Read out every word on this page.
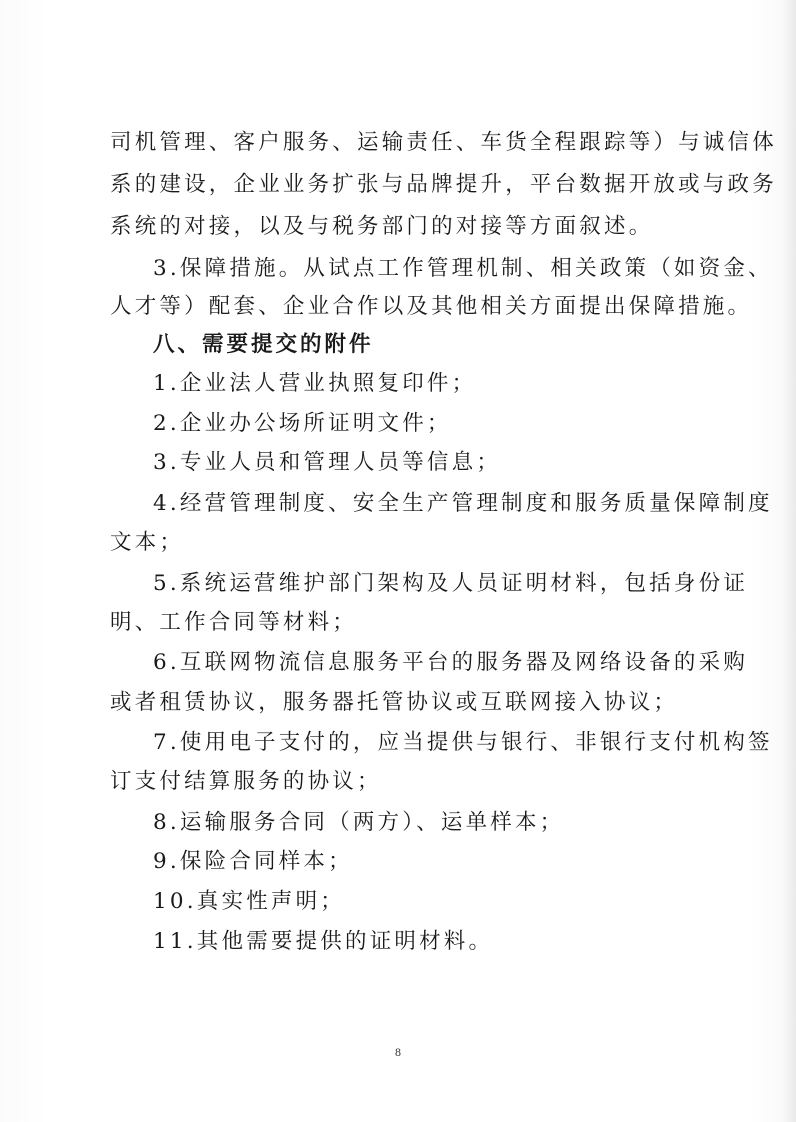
司机管理、客户服务、运输责任、车货全程跟踪等）与诚信体
系的建设，企业业务扩张与品牌提升，平台数据开放或与政务
系统的对接，以及与税务部门的对接等方面叙述。
3.保障措施。从试点工作管理机制、相关政策（如资金、
人才等）配套、企业合作以及其他相关方面提出保障措施。
八、需要提交的附件
1.企业法人营业执照复印件；
2.企业办公场所证明文件；
3.专业人员和管理人员等信息；
4.经营管理制度、安全生产管理制度和服务质量保障制度
文本；
5.系统运营维护部门架构及人员证明材料，包括身份证
明、工作合同等材料；
6.互联网物流信息服务平台的服务器及网络设备的采购
或者租赁协议，服务器托管协议或互联网接入协议；
7.使用电子支付的，应当提供与银行、非银行支付机构签
订支付结算服务的协议；
8.运输服务合同（两方）、运单样本；
9.保险合同样本；
10.真实性声明；
11.其他需要提供的证明材料。
8
